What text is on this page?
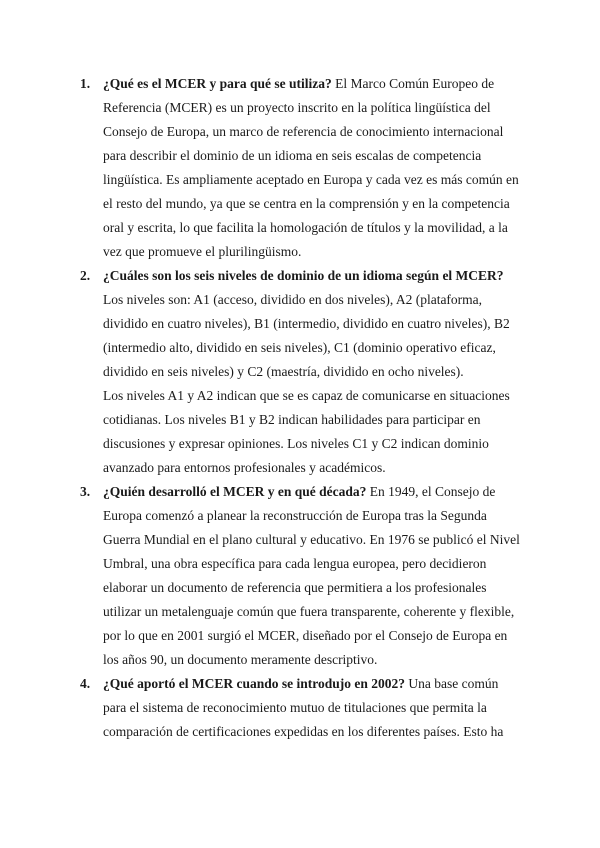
1. ¿Qué es el MCER y para qué se utiliza? El Marco Común Europeo de Referencia (MCER) es un proyecto inscrito en la política lingüística del Consejo de Europa, un marco de referencia de conocimiento internacional para describir el dominio de un idioma en seis escalas de competencia lingüística. Es ampliamente aceptado en Europa y cada vez es más común en el resto del mundo, ya que se centra en la comprensión y en la competencia oral y escrita, lo que facilita la homologación de títulos y la movilidad, a la vez que promueve el plurilingüismo.

2. ¿Cuáles son los seis niveles de dominio de un idioma según el MCER? Los niveles son: A1 (acceso, dividido en dos niveles), A2 (plataforma, dividido en cuatro niveles), B1 (intermedio, dividido en cuatro niveles), B2 (intermedio alto, dividido en seis niveles), C1 (dominio operativo eficaz, dividido en seis niveles) y C2 (maestría, dividido en ocho niveles).
Los niveles A1 y A2 indican que se es capaz de comunicarse en situaciones cotidianas. Los niveles B1 y B2 indican habilidades para participar en discusiones y expresar opiniones. Los niveles C1 y C2 indican dominio avanzado para entornos profesionales y académicos.

3. ¿Quién desarrolló el MCER y en qué década? En 1949, el Consejo de Europa comenzó a planear la reconstrucción de Europa tras la Segunda Guerra Mundial en el plano cultural y educativo. En 1976 se publicó el Nivel Umbral, una obra específica para cada lengua europea, pero decidieron elaborar un documento de referencia que permitiera a los profesionales utilizar un metalenguaje común que fuera transparente, coherente y flexible, por lo que en 2001 surgió el MCER, diseñado por el Consejo de Europa en los años 90, un documento meramente descriptivo.

4. ¿Qué aportó el MCER cuando se introdujo en 2002? Una base común para el sistema de reconocimiento mutuo de titulaciones que permita la comparación de certificaciones expedidas en los diferentes países. Esto ha
